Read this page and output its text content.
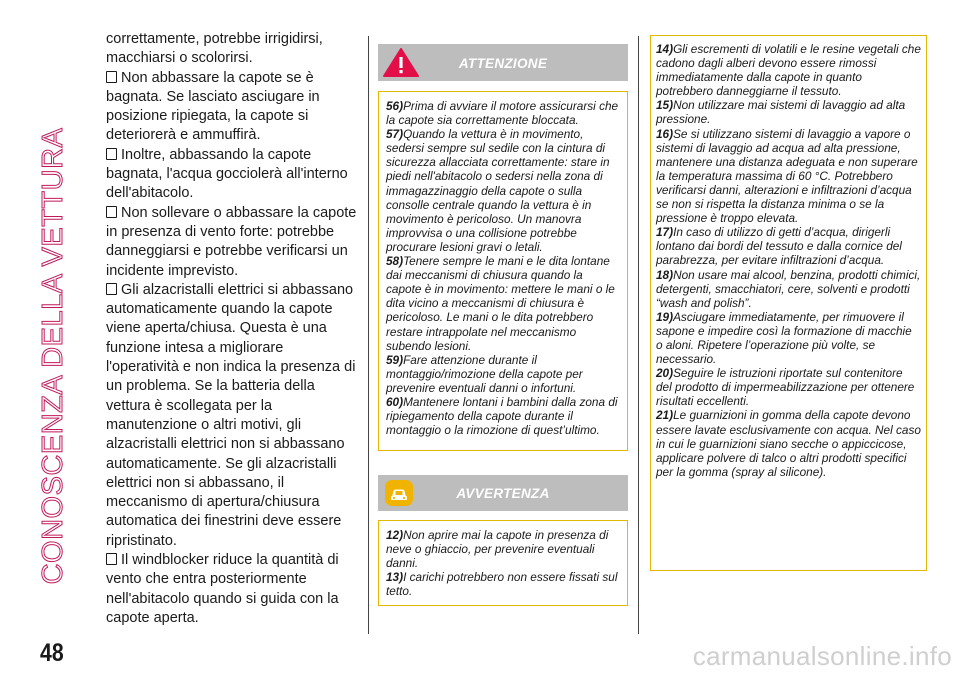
CONOSCENZA DELLA VETTURA

correttamente, potrebbe irrigidirsi, macchiarsi o scolorirsi.

Non abbassare la capote se è bagnata. Se lasciato asciugare in posizione ripiegata, la capote si deteriorerà e ammuffirà.

Inoltre, abbassando la capote bagnata, l'acqua gocciolerà all'interno dell'abitacolo.

Non sollevare o abbassare la capote in presenza di vento forte: potrebbe danneggiarsi e potrebbe verificarsi un incidente imprevisto.

Gli alzacristalli elettrici si abbassano automaticamente quando la capote viene aperta/chiusa. Questa è una funzione intesa a migliorare l'operatività e non indica la presenza di un problema. Se la batteria della vettura è scollegata per la manutenzione o altri motivi, gli alzacristalli elettrici non si abbassano automaticamente. Se gli alzacristalli elettrici non si abbassano, il meccanismo di apertura/chiusura automatica dei finestrini deve essere ripristinato.

Il windblocker riduce la quantità di vento che entra posteriormente nell'abitacolo quando si guida con la capote aperta.

ATTENZIONE

56)Prima di avviare il motore assicurarsi che la capote sia correttamente bloccata.

57)Quando la vettura è in movimento, sedersi sempre sul sedile con la cintura di sicurezza allacciata correttamente: stare in piedi nell'abitacolo o sedersi nella zona di immagazzinaggio della capote o sulla consolle centrale quando la vettura è in movimento è pericoloso. Un manovra improvvisa o una collisione potrebbe procurare lesioni gravi o letali.

58)Tenere sempre le mani e le dita lontane dai meccanismi di chiusura quando la capote è in movimento: mettere le mani o le dita vicino a meccanismi di chiusura è pericoloso. Le mani o le dita potrebbero restare intrappolate nel meccanismo subendo lesioni.

59)Fare attenzione durante il montaggio/rimozione della capote per prevenire eventuali danni o infortuni.

60)Mantenere lontani i bambini dalla zona di ripiegamento della capote durante il montaggio o la rimozione di quest’ultimo.

AVVERTENZA

12)Non aprire mai la capote in presenza di neve o ghiaccio, per prevenire eventuali danni.

13)I carichi potrebbero non essere fissati sul tetto.

14)Gli escrementi di volatili e le resine vegetali che cadono dagli alberi devono essere rimossi immediatamente dalla capote in quanto potrebbero danneggiarne il tessuto.

15)Non utilizzare mai sistemi di lavaggio ad alta pressione.

16)Se si utilizzano sistemi di lavaggio a vapore o sistemi di lavaggio ad acqua ad alta pressione, mantenere una distanza adeguata e non superare la temperatura massima di 60 °C. Potrebbero verificarsi danni, alterazioni e infiltrazioni d’acqua se non si rispetta la distanza minima o se la pressione è troppo elevata.

17)In caso di utilizzo di getti d’acqua, dirigerli lontano dai bordi del tessuto e dalla cornice del parabrezza, per evitare infiltrazioni d’acqua.

18)Non usare mai alcool, benzina, prodotti chimici, detergenti, smacchiatori, cere, solventi e prodotti “wash and polish”.

19)Asciugare immediatamente, per rimuovere il sapone e impedire così la formazione di macchie o aloni. Ripetere l’operazione più volte, se necessario.

20)Seguire le istruzioni riportate sul contenitore del prodotto di impermeabilizzazione per ottenere risultati eccellenti.

21)Le guarnizioni in gomma della capote devono essere lavate esclusivamente con acqua. Nel caso in cui le guarnizioni siano secche o appiccicose, applicare polvere di talco o altri prodotti specifici per la gomma (spray al silicone).

48	carmanualsonline.info
